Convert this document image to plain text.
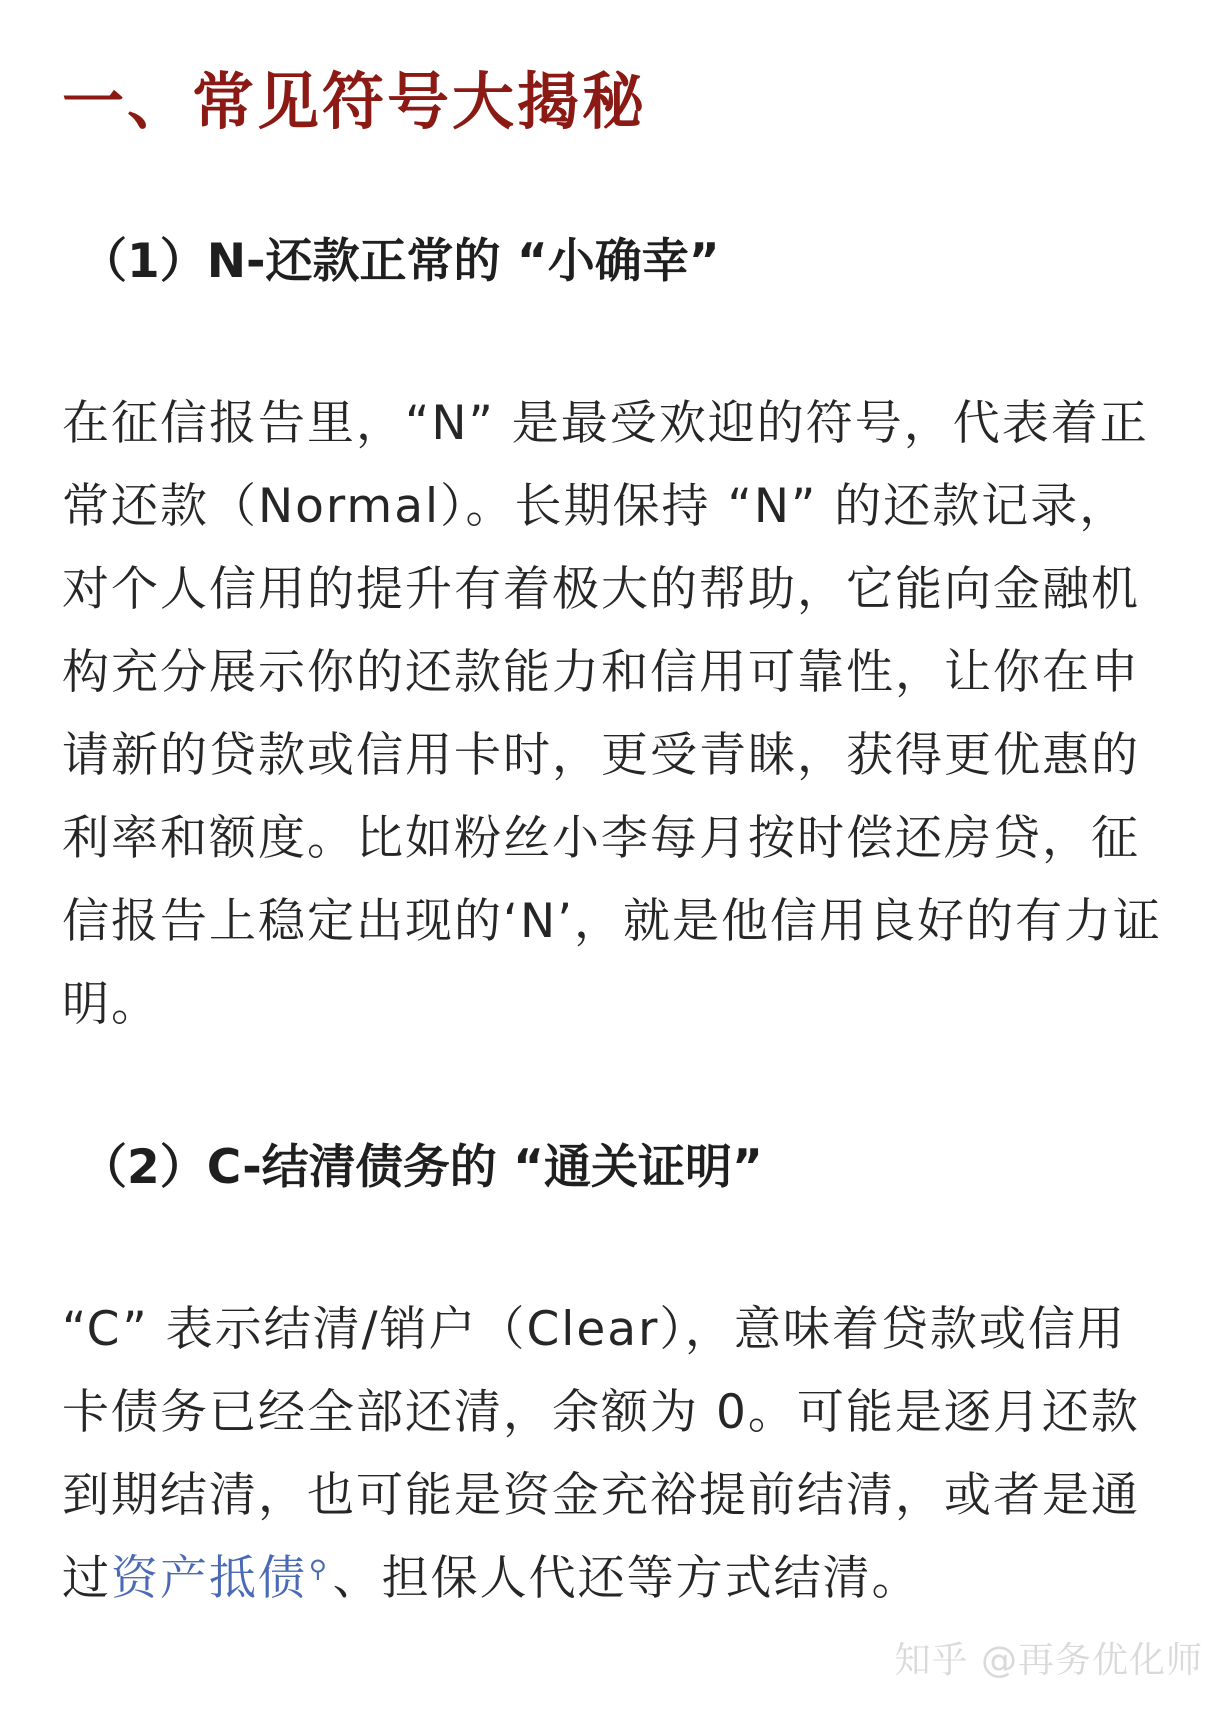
一、常见符号大揭秘
（1）N-还款正常的 “小确幸”

在征信报告里，“N” 是最受欢迎的符号，代表着正常还款（Normal）。长期保持 “N” 的还款记录，对个人信用的提升有着极大的帮助，它能向金融机构充分展示你的还款能力和信用可靠性，让你在申请新的贷款或信用卡时，更受青睐，获得更优惠的利率和额度。比如粉丝小李每月按时偿还房贷，征信报告上稳定出现的‘N’，就是他信用良好的有力证明。

（2）C-结清债务的 “通关证明”

“C” 表示结清/销户（Clear），意味着贷款或信用卡债务已经全部还清，余额为 0。可能是逐月还款到期结清，也可能是资金充裕提前结清，或者是通过资产抵债⚲、担保人代还等方式结清。

知乎 @再务优化师
